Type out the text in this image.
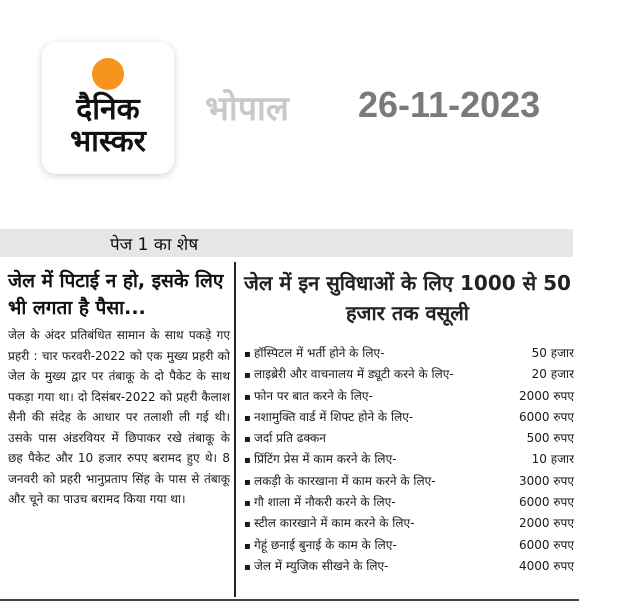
दैनिक
भास्कर
भोपाल 26-11-2023
पेज 1 का शेष
जेल में पिटाई न हो, इसके लिए भी लगता है पैसा...

जेल के अंदर प्रतिबंधित सामान के साथ पकड़े गए प्रहरी : चार फरवरी-2022 को एक मुख्य प्रहरी को जेल के मुख्य द्वार पर तंबाकू के दो पैकेट के साथ पकड़ा गया था। दो दिसंबर-2022 को प्रहरी कैलाश सैनी की संदेह के आधार पर तलाशी ली गई थी। उसके पास अंडरवियर में छिपाकर रखे तंबाकू के छह पैकेट और 10 हजार रुपए बरामद हुए थे। 8 जनवरी को प्रहरी भानुप्रताप सिंह के पास से तंबाकू और चूने का पाउच बरामद किया गया था।

जेल में इन सुविधाओं के लिए 1000 से 50 हजार तक वसूली
▪ हॉस्पिटल में भर्ती होने के लिए-	50 हजार
▪ लाइब्रेरी और वाचनालय में ड्यूटी करने के लिए-	20 हजार
▪ फोन पर बात करने के लिए-	2000 रुपए
▪ नशामुक्ति वार्ड में शिफ्ट होने के लिए-	6000 रुपए
▪ जर्दा प्रति ढक्कन	500 रुपए
▪ प्रिंटिंग प्रेस में काम करने के लिए-	10 हजार
▪ लकड़ी के कारखाना में काम करने के लिए-	3000 रुपए
▪ गौ शाला में नौकरी करने के लिए-	6000 रुपए
▪ स्टील कारखाने में काम करने के लिए-	2000 रुपए
▪ गेहूं छनाई बुनाई के काम के लिए-	6000 रुपए
▪ जेल में म्युजिक सीखने के लिए-	4000 रुपए
